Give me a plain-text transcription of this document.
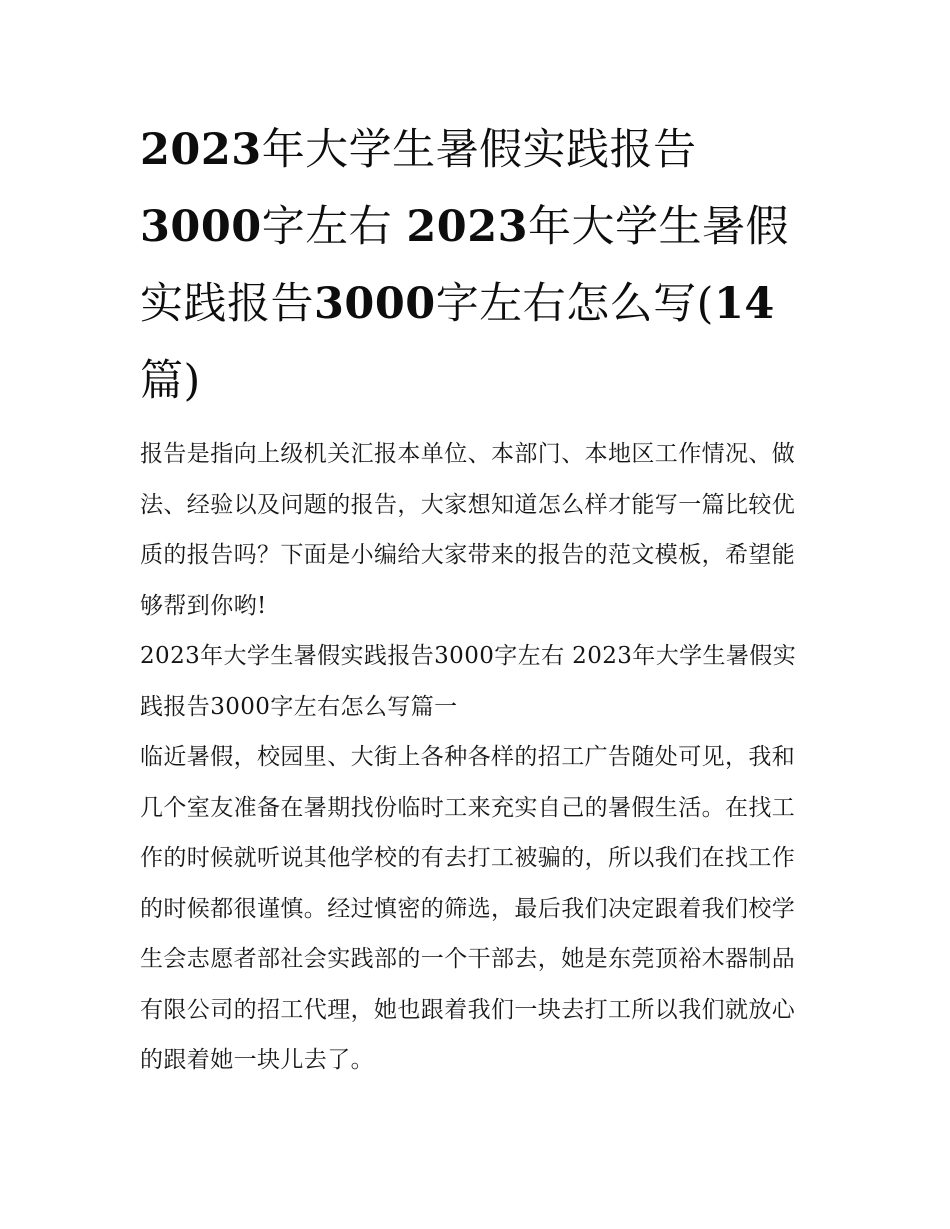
2023年大学生暑假实践报告3000字左右 2023年大学生暑假实践报告3000字左右怎么写(14篇)

报告是指向上级机关汇报本单位、本部门、本地区工作情况、做法、经验以及问题的报告，大家想知道怎么样才能写一篇比较优质的报告吗？下面是小编给大家带来的报告的范文模板，希望能够帮到你哟!

2023年大学生暑假实践报告3000字左右 2023年大学生暑假实践报告3000字左右怎么写篇一

临近暑假，校园里、大街上各种各样的招工广告随处可见，我和几个室友准备在暑期找份临时工来充实自己的暑假生活。在找工作的时候就听说其他学校的有去打工被骗的，所以我们在找工作的时候都很谨慎。经过慎密的筛选，最后我们决定跟着我们校学生会志愿者部社会实践部的一个干部去，她是东莞顶裕木器制品有限公司的招工代理，她也跟着我们一块去打工所以我们就放心的跟着她一块儿去了。
